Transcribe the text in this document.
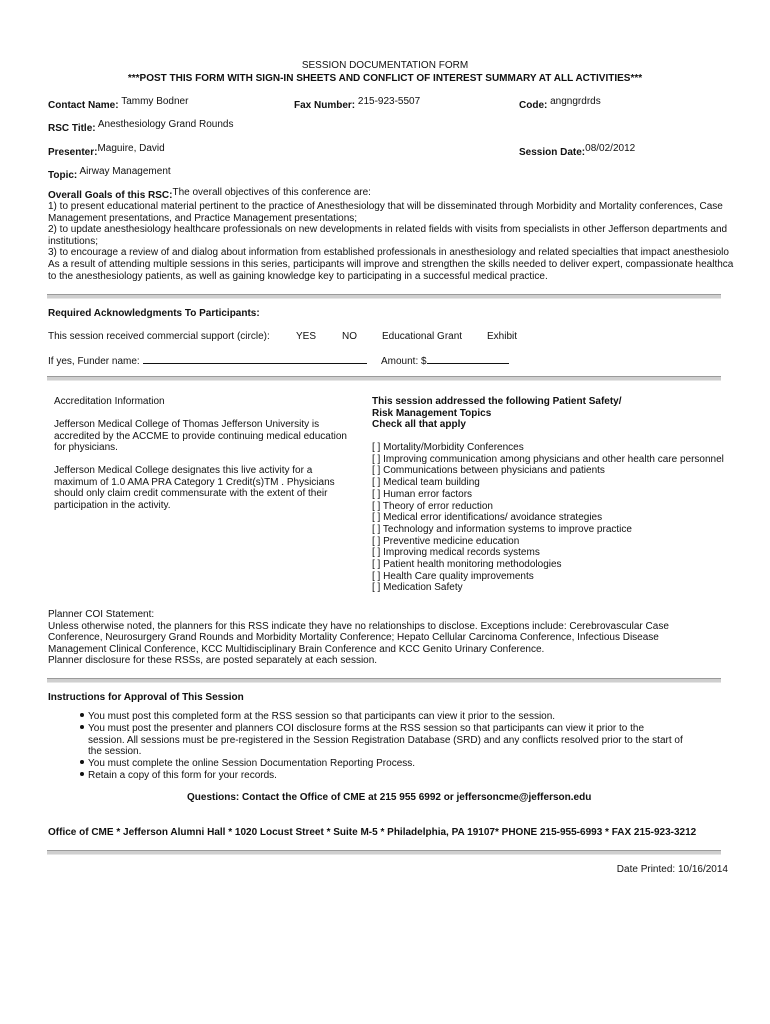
SESSION DOCUMENTATION FORM
***POST THIS FORM WITH SIGN-IN SHEETS AND CONFLICT OF INTEREST SUMMARY AT ALL ACTIVITIES***
Contact Name: Tammy Bodner	Fax Number: 215-923-5507	Code: angngrdrds
RSC Title: Anesthesiology Grand Rounds
Presenter:Maguire, David	Session Date:08/02/2012
Topic: Airway Management
Overall Goals of this RSC:The overall objectives of this conference are:
1) to present educational material pertinent to the practice of Anesthesiology that will be disseminated through Morbidity and Mortality conferences, Case
Management presentations, and Practice Management presentations;
2) to update anesthesiology healthcare professionals on new developments in related fields with visits from specialists in other Jefferson departments and
institutions;
3) to encourage a review of and dialog about information from established professionals in anesthesiology and related specialties that impact anesthesiolo
As a result of attending multiple sessions in this series, participants will improve and strengthen the skills needed to deliver expert, compassionate healthca
to the anesthesiology patients, as well as gaining knowledge key to participating in a successful medical practice.
Required Acknowledgments To Participants:
This session received commercial support (circle):	YES	NO	Educational Grant Exhibit
If yes, Funder name:	Amount: $
Accreditation Information
Jefferson Medical College of Thomas Jefferson University is
accredited by the ACCME to provide continuing medical education
for physicians.
Jefferson Medical College designates this live activity for a
maximum of 1.0 AMA PRA Category 1 Credit(s)TM . Physicians
should only claim credit commensurate with the extent of their
participation in the activity.
This session addressed the following Patient Safety/
Risk Management Topics
Check all that apply
[ ] Mortality/Morbidity Conferences
[ ] Improving communication among physicians and other health care personnel
[ ] Communications between physicians and patients
[ ] Medical team building
[ ] Human error factors
[ ] Theory of error reduction
[ ] Medical error identifications/ avoidance strategies
[ ] Technology and information systems to improve practice
[ ] Preventive medicine education
[ ] Improving medical records systems
[ ] Patient health monitoring methodologies
[ ] Health Care quality improvements
[ ] Medication Safety
Planner COI Statement:
Unless otherwise noted, the planners for this RSS indicate they have no relationships to disclose. Exceptions include: Cerebrovascular Case
Conference, Neurosurgery Grand Rounds and Morbidity Mortality Conference; Hepato Cellular Carcinoma Conference, Infectious Disease
Management Clinical Conference, KCC Multidisciplinary Brain Conference and KCC Genito Urinary Conference.
Planner disclosure for these RSSs, are posted separately at each session.
Instructions for Approval of This Session
You must post this completed form at the RSS session so that participants can view it prior to the session.
You must post the presenter and planners COI disclosure forms at the RSS session so that participants can view it prior to the
session. All sessions must be pre-registered in the Session Registration Database (SRD) and any conflicts resolved prior to the start of
the session.
You must complete the online Session Documentation Reporting Process.
Retain a copy of this form for your records.
Questions: Contact the Office of CME at 215 955 6992 or jeffersoncme@jefferson.edu
Office of CME * Jefferson Alumni Hall * 1020 Locust Street * Suite M-5 * Philadelphia, PA 19107* PHONE 215-955-6993 * FAX 215-923-3212
Date Printed: 10/16/2014
